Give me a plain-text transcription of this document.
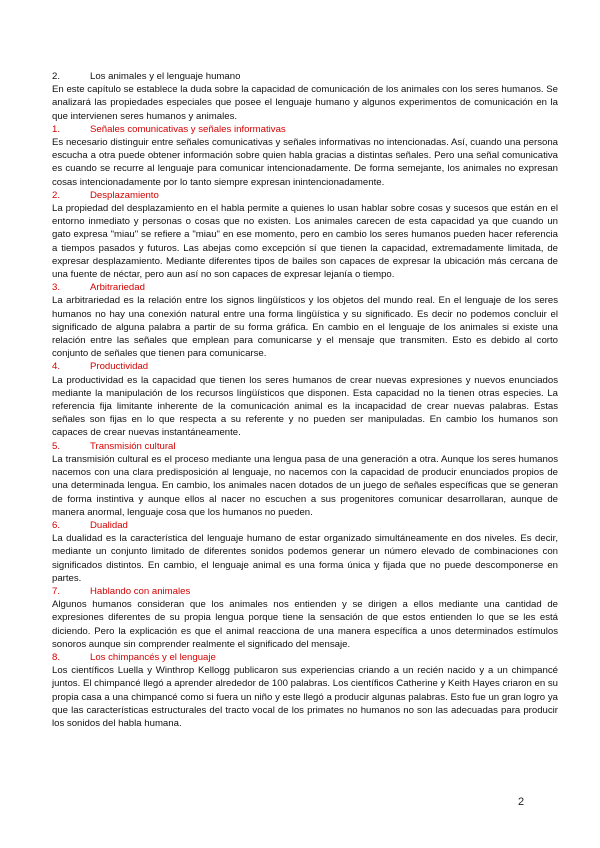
2.	Los animales y el lenguaje humano

En este capítulo se establece la duda sobre la capacidad de comunicación de los animales con los seres humanos. Se analizará las propiedades especiales que posee el lenguaje humano y algunos experimentos de comunicación en la que intervienen seres humanos y animales.

1.	Señales comunicativas y señales informativas

Es necesario distinguir entre señales comunicativas y señales informativas no intencionadas. Así, cuando una persona escucha a otra puede obtener información sobre quien habla gracias a distintas señales. Pero una señal comunicativa es cuando se recurre al lenguaje para comunicar intencionadamente. De forma semejante, los animales no expresan cosas intencionadamente por lo tanto siempre expresan inintencionadamente.

2.	Desplazamiento

La propiedad del desplazamiento en el habla permite a quienes lo usan hablar sobre cosas y sucesos que están en el entorno inmediato y personas o cosas que no existen. Los animales carecen de esta capacidad ya que cuando un gato expresa "miau" se refiere a "miau" en ese momento, pero en cambio los seres humanos pueden hacer referencia a tiempos pasados y futuros. Las abejas como excepción sí que tienen la capacidad, extremadamente limitada, de expresar desplazamiento. Mediante diferentes tipos de bailes son capaces de expresar la ubicación más cercana de una fuente de néctar, pero aun así no son capaces de expresar lejanía o tiempo.

3.	Arbitrariedad

La arbitrariedad es la relación entre los signos lingüísticos y los objetos del mundo real. En el lenguaje de los seres humanos no hay una conexión natural entre una forma lingüística y su significado. Es decir no podemos concluir el significado de alguna palabra a partir de su forma gráfica. En cambio en el lenguaje de los animales si existe una relación entre las señales que emplean para comunicarse y el mensaje que transmiten. Esto es debido al corto conjunto de señales que tienen para comunicarse.

4.	Productividad

La productividad es la capacidad que tienen los seres humanos de crear nuevas expresiones y nuevos enunciados mediante la manipulación de los recursos lingüísticos que disponen. Esta capacidad no la tienen otras especies. La referencia fija limitante inherente de la comunicación animal es la incapacidad de crear nuevas palabras. Estas señales son fijas en lo que respecta a su referente y no pueden ser manipuladas. En cambio los humanos son capaces de crear nuevas instantáneamente.

5.	Transmisión cultural

La transmisión cultural es el proceso mediante una lengua pasa de una generación a otra. Aunque los seres humanos nacemos con una clara predisposición al lenguaje, no nacemos con la capacidad de producir enunciados propios de una determinada lengua. En cambio, los animales nacen dotados de un juego de señales específicas que se generan de forma instintiva y aunque ellos al nacer no escuchen a sus progenitores comunicar desarrollaran, aunque de manera anormal, lenguaje cosa que los humanos no pueden.

6.	Dualidad

La dualidad es la característica del lenguaje humano de estar organizado simultáneamente en dos niveles. Es decir, mediante un conjunto limitado de diferentes sonidos podemos generar un número elevado de combinaciones con significados distintos. En cambio, el lenguaje animal es una forma única y fijada que no puede descomponerse en partes.

7.	Hablando con animales

Algunos humanos consideran que los animales nos entienden y se dirigen a ellos mediante una cantidad de expresiones diferentes de su propia lengua porque tiene la sensación de que estos entienden lo que se les está diciendo. Pero la explicación es que el animal reacciona de una manera específica a unos determinados estímulos sonoros aunque sin comprender realmente el significado del mensaje.

8.	Los chimpancés y el lenguaje

Los científicos Luella y Winthrop Kellogg publicaron sus experiencias criando a un recién nacido y a un chimpancé juntos. El chimpancé llegó a aprender alrededor de 100 palabras. Los científicos Catherine y Keith Hayes criaron en su propia casa a una chimpancé como si fuera un niño y este llegó a producir algunas palabras. Esto fue un gran logro ya que las características estructurales del tracto vocal de los primates no humanos no son las adecuadas para producir los sonidos del habla humana.

2
